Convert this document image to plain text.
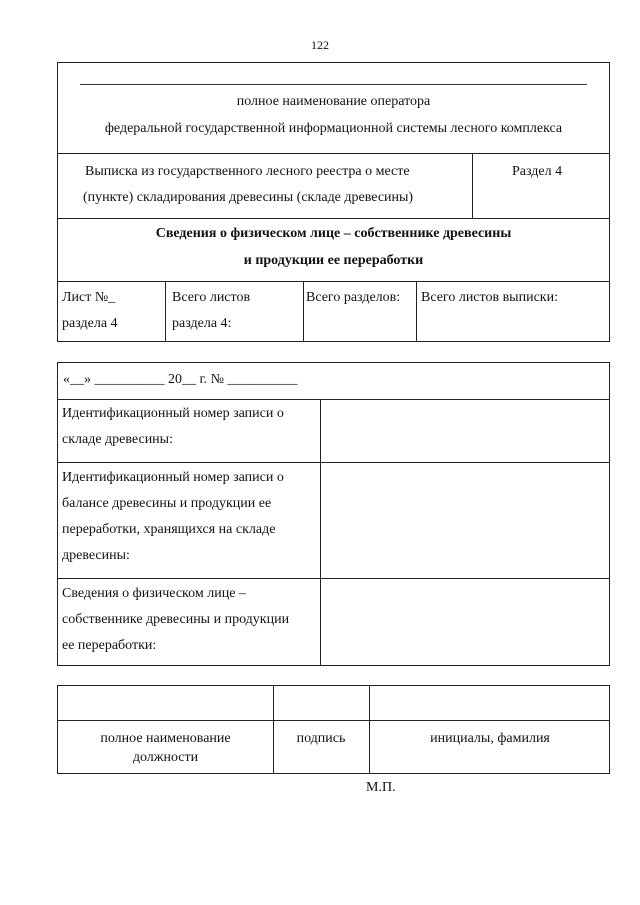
122
полное наименование оператора
федеральной государственной информационной системы лесного комплекса
Выписка из государственного лесного реестра о месте
(пункте) складирования древесины (складе древесины)
Раздел 4
Сведения о физическом лице – собственнике древесины
и продукции ее переработки
Лист №_
раздела 4
Всего листов
раздела 4:
Всего разделов: Всего листов выписки:
«__» __________ 20__ г. № __________
Идентификационный номер записи о
складе древесины:
Идентификационный номер записи о
балансе древесины и продукции ее
переработки, хранящихся на складе
древесины:
Сведения о физическом лице –
собственнике древесины и продукции
ее переработки:
полное наименование
должности
подпись	инициалы, фамилия
М.П.
